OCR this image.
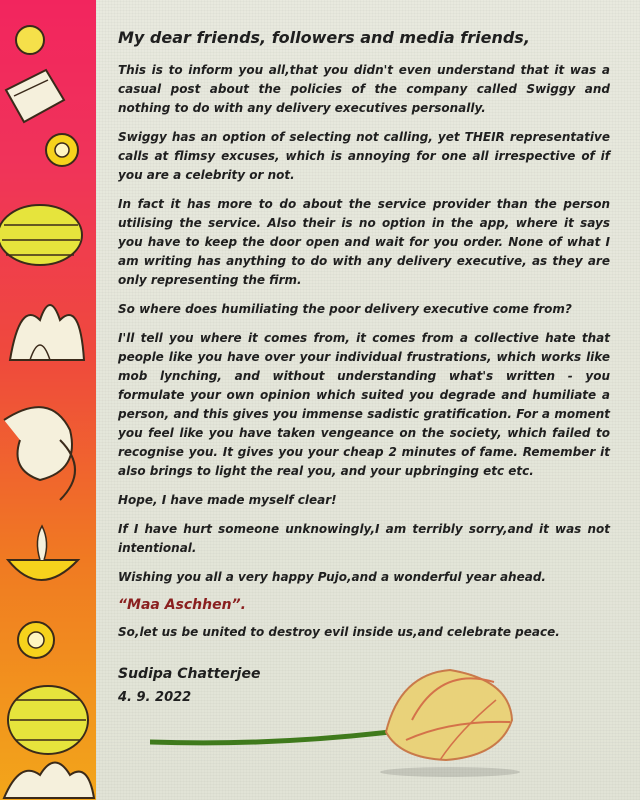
My dear friends, followers and media friends,

This is to inform you all,that you didn't even understand that it was a casual post about the policies of the company called Swiggy and nothing to do with any delivery executives personally.

Swiggy has an option of selecting not calling, yet THEIR representative calls at flimsy excuses, which is annoying for one all irrespective of if you are a celebrity or not.

In fact it has more to do about the service provider than the person utilising the service. Also their is no option in the app, where it says you have to keep the door open and wait for you order. None of what I am writing has anything to do with any delivery executive, as they are only representing the firm.

So where does humiliating the poor delivery executive come from?

I'll tell you where it comes from, it comes from a collective hate that people like you have over your individual frustrations, which works like mob lynching, and without understanding what's written - you formulate your own opinion which suited you degrade and humiliate a person, and this gives you immense sadistic gratification. For a moment you feel like you have taken vengeance on the society, which failed to recognise you. It gives you your cheap 2 minutes of fame. Remember it also brings to light the real you, and your upbringing etc etc.

Hope, I have made myself clear!

If I have hurt someone unknowingly,I am terribly sorry,and it was not intentional.

Wishing you all a very happy Pujo,and a wonderful year ahead.

“Maa Aschhen”.

So,let us be united to destroy evil inside us,and celebrate peace.

Sudipa Chatterjee

4. 9. 2022
